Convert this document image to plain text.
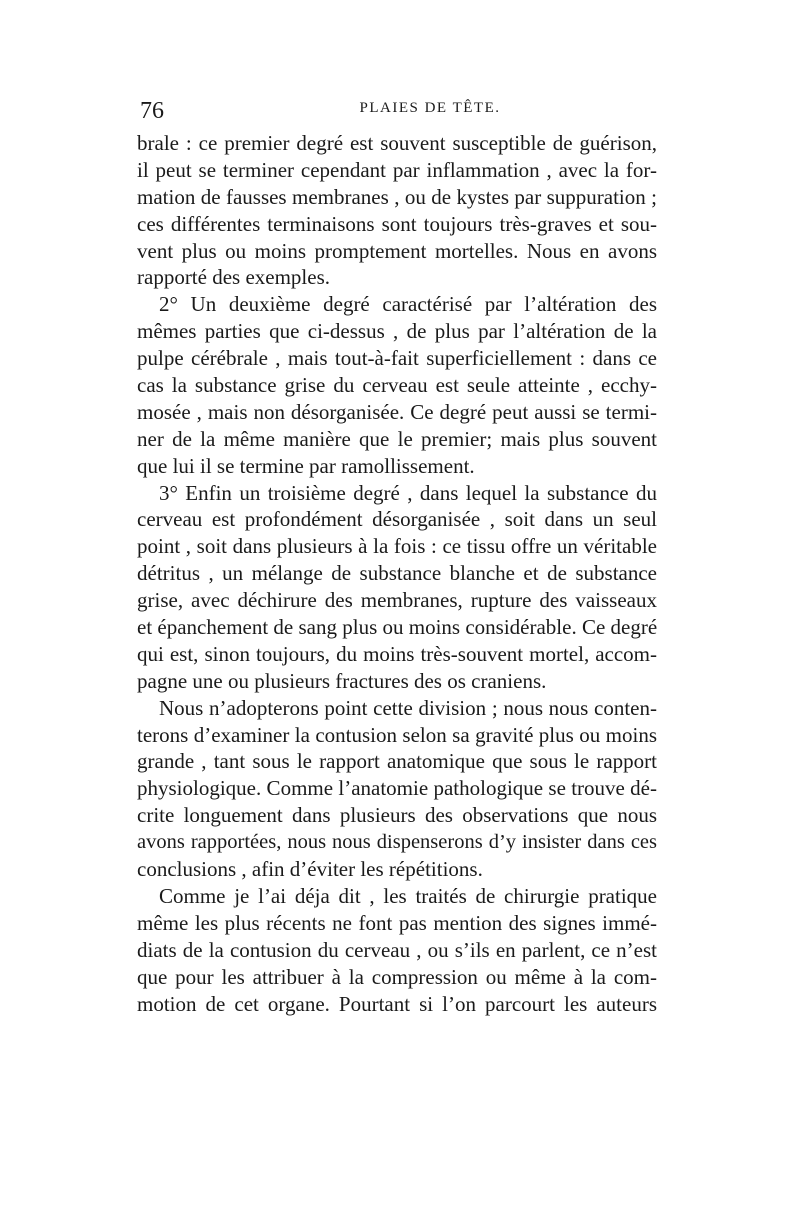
76	PLAIES DE TÊTE.
brale : ce premier degré est souvent susceptible de guérison,
il peut se terminer cependant par inflammation , avec la for-
mation de fausses membranes , ou de kystes par suppuration ;
ces différentes terminaisons sont toujours très-graves et sou-
vent plus ou moins promptement mortelles. Nous en avons
rapporté des exemples.
2° Un deuxième degré caractérisé par l’altération des
mêmes parties que ci-dessus , de plus par l’altération de la
pulpe cérébrale , mais tout-à-fait superficiellement : dans ce
cas la substance grise du cerveau est seule atteinte , ecchy-
mosée , mais non désorganisée. Ce degré peut aussi se termi-
ner de la même manière que le premier; mais plus souvent
que lui il se termine par ramollissement.
3° Enfin un troisième degré , dans lequel la substance du
cerveau est profondément désorganisée , soit dans un seul
point , soit dans plusieurs à la fois : ce tissu offre un véritable
détritus , un mélange de substance blanche et de substance
grise, avec déchirure des membranes, rupture des vaisseaux
et épanchement de sang plus ou moins considérable. Ce degré
qui est, sinon toujours, du moins très-souvent mortel, accom-
pagne une ou plusieurs fractures des os craniens.
Nous n’adopterons point cette division ; nous nous conten-
terons d’examiner la contusion selon sa gravité plus ou moins
grande , tant sous le rapport anatomique que sous le rapport
physiologique. Comme l’anatomie pathologique se trouve dé-
crite longuement dans plusieurs des observations que nous
avons rapportées, nous nous dispenserons d’y insister dans ces
conclusions , afin d’éviter les répétitions.
Comme je l’ai déja dit , les traités de chirurgie pratique
même les plus récents ne font pas mention des signes immé-
diats de la contusion du cerveau , ou s’ils en parlent, ce n’est
que pour les attribuer à la compression ou même à la com-
motion de cet organe. Pourtant si l’on parcourt les auteurs
